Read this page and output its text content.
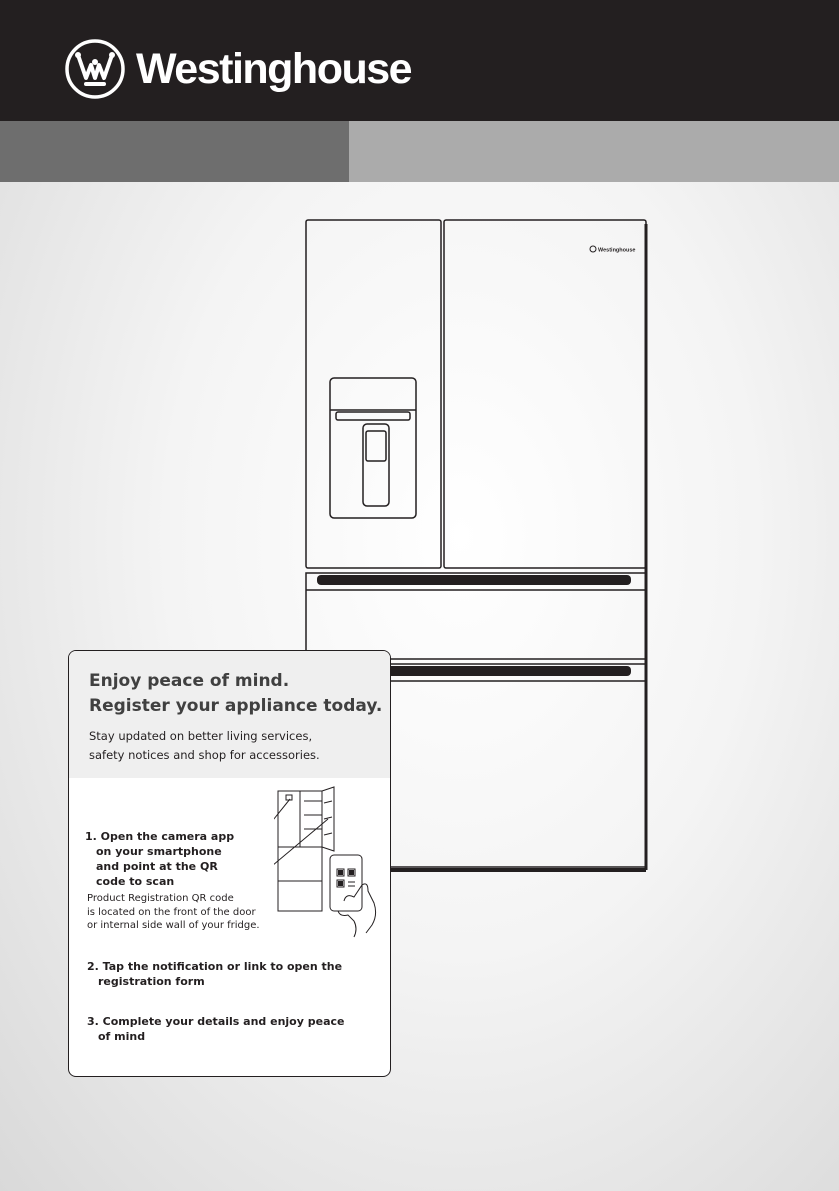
Westinghouse
Westinghouse
Enjoy peace of mind.
Register your appliance today.
Stay updated on better living services,
safety notices and shop for accessories.
1. Open the camera app
on your smartphone
and point at the QR
code to scan
Product Registration QR code
is located on the front of the door
or internal side wall of your fridge.
2. Tap the notification or link to open the
registration form
3. Complete your details and enjoy peace
of mind
